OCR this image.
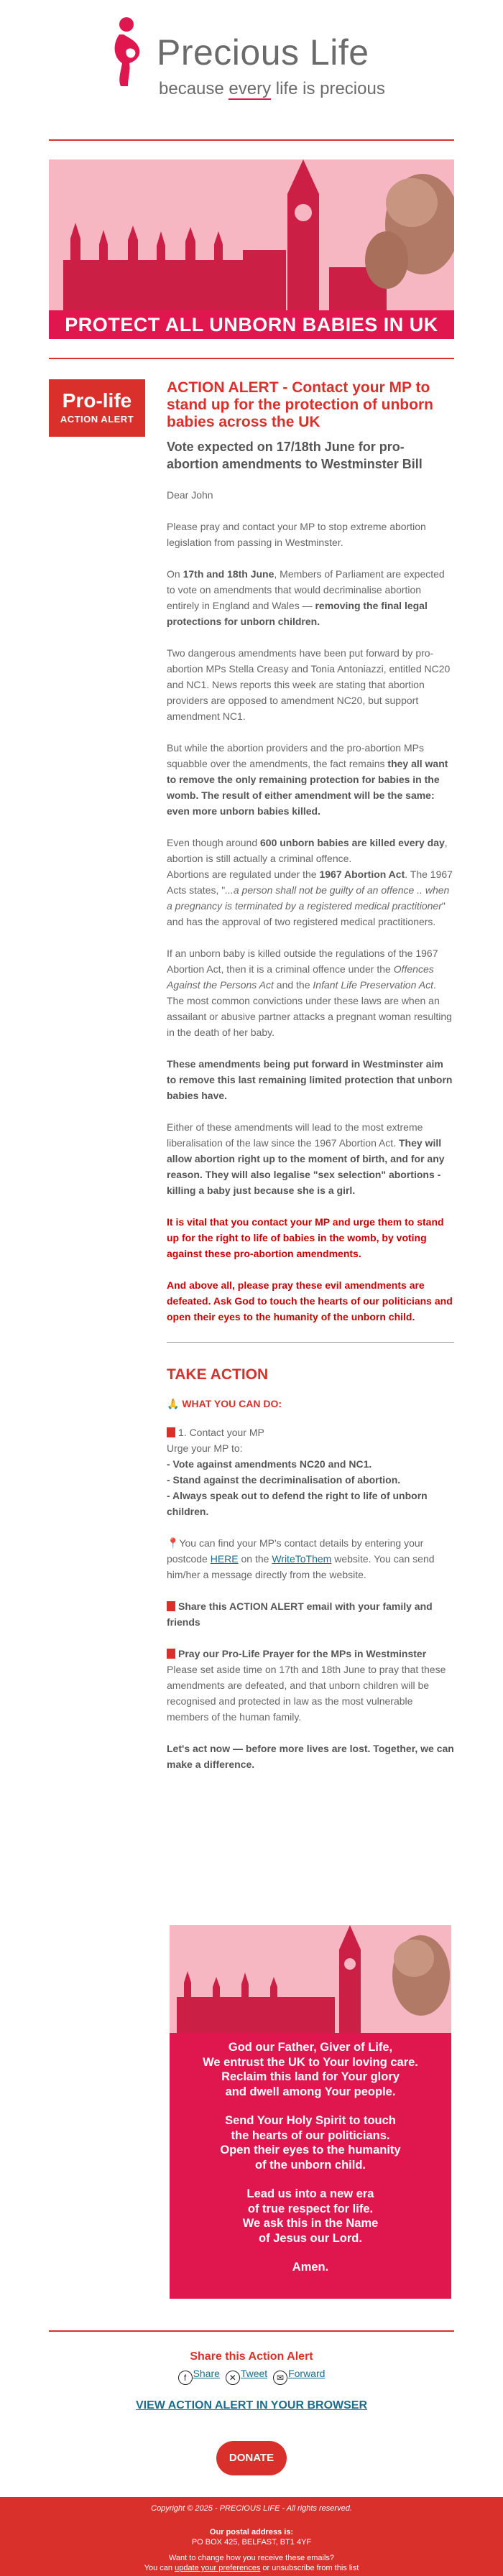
Precious Life
because every life is precious
PROTECT ALL UNBORN BABIES IN UK
Pro-life
ACTION ALERT
ACTION ALERT - Contact your MP to stand up for the protection of unborn babies across the UK
Vote expected on 17/18th June for pro-abortion amendments to Westminster Bill

Dear John

Please pray and contact your MP to stop extreme abortion legislation from passing in Westminster.

On 17th and 18th June, Members of Parliament are expected to vote on amendments that would decriminalise abortion entirely in England and Wales — removing the final legal protections for unborn children.

Two dangerous amendments have been put forward by pro-abortion MPs Stella Creasy and Tonia Antoniazzi, entitled NC20 and NC1. News reports this week are stating that abortion providers are opposed to amendment NC20, but support amendment NC1.

But while the abortion providers and the pro-abortion MPs squabble over the amendments, the fact remains they all want to remove the only remaining protection for babies in the womb. The result of either amendment will be the same: even more unborn babies killed.

Even though around 600 unborn babies are killed every day, abortion is still actually a criminal offence.
Abortions are regulated under the 1967 Abortion Act. The 1967 Acts states, "...a person shall not be guilty of an offence .. when a pregnancy is terminated by a registered medical practitioner" and has the approval of two registered medical practitioners.

If an unborn baby is killed outside the regulations of the 1967 Abortion Act, then it is a criminal offence under the Offences Against the Persons Act and the Infant Life Preservation Act. The most common convictions under these laws are when an assailant or abusive partner attacks a pregnant woman resulting in the death of her baby.

These amendments being put forward in Westminster aim to remove this last remaining limited protection that unborn babies have.

Either of these amendments will lead to the most extreme liberalisation of the law since the 1967 Abortion Act. They will allow abortion right up to the moment of birth, and for any reason. They will also legalise "sex selection" abortions - killing a baby just because she is a girl.

It is vital that you contact your MP and urge them to stand up for the right to life of babies in the womb, by voting against these pro-abortion amendments.

And above all, please pray these evil amendments are defeated. Ask God to touch the hearts of our politicians and open their eyes to the humanity of the unborn child.

TAKE ACTION

🙏 WHAT YOU CAN DO:

1. Contact your MP
Urge your MP to:
- Vote against amendments NC20 and NC1.
- Stand against the decriminalisation of abortion.
- Always speak out to defend the right to life of unborn children.

📍You can find your MP's contact details by entering your postcode HERE on the WriteToThem website. You can send him/her a message directly from the website.

Share this ACTION ALERT email with your family and friends

Pray our Pro-Life Prayer for the MPs in Westminster
Please set aside time on 17th and 18th June to pray that these amendments are defeated, and that unborn children will be recognised and protected in law as the most vulnerable members of the human family.

Let's act now — before more lives are lost. Together, we can make a difference.

God our Father, Giver of Life,
We entrust the UK to Your loving care.
Reclaim this land for Your glory
and dwell among Your people.
Send Your Holy Spirit to touch
the hearts of our politicians.
Open their eyes to the humanity
of the unborn child.
Lead us into a new era
of true respect for life.
We ask this in the Name
of Jesus our Lord.
Amen.
Share this Action Alert
f Share ✕ Tweet ✉ Forward
VIEW ACTION ALERT IN YOUR BROWSER
DONATE
Copyright © 2025 - PRECIOUS LIFE - All rights reserved.
Our postal address is:
PO BOX 425, BELFAST, BT1 4YF
Want to change how you receive these emails?
You can update your preferences or unsubscribe from this list
